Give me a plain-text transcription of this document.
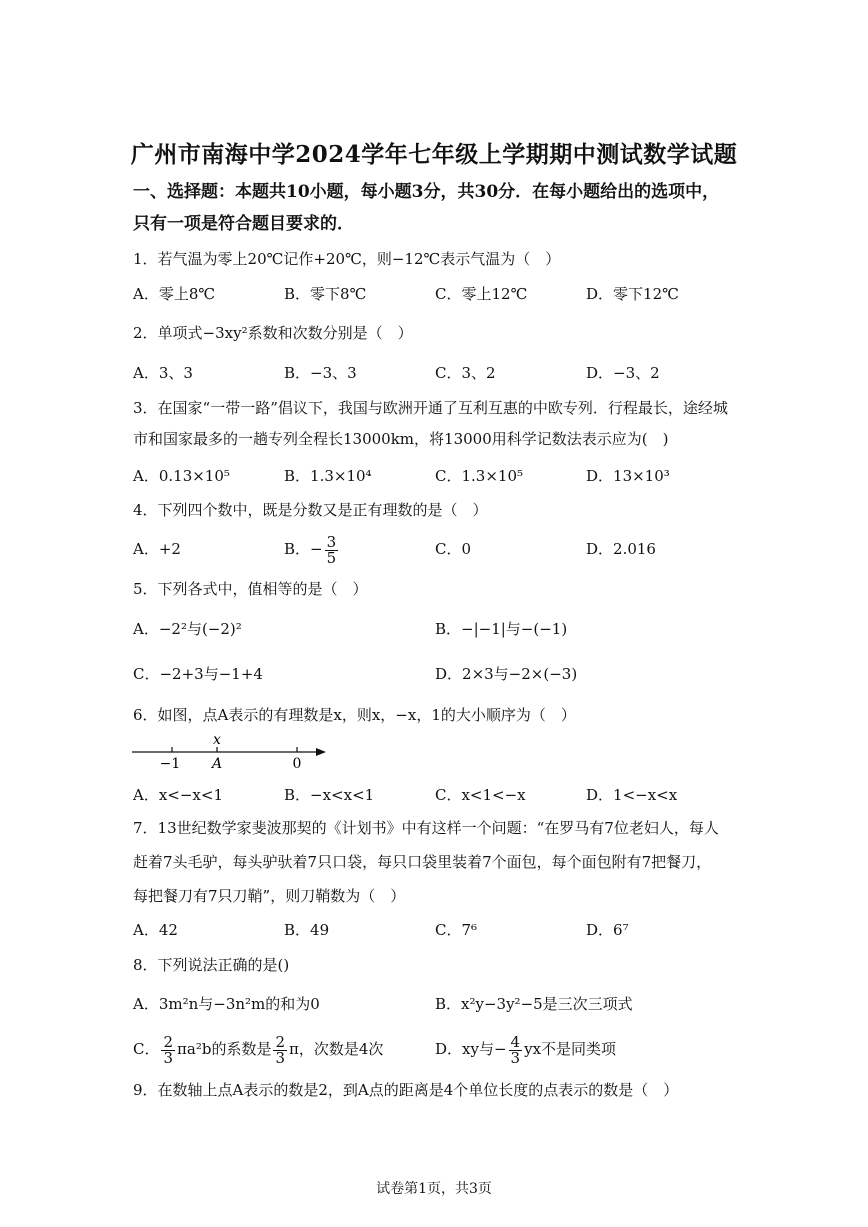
广州市南海中学2024学年七年级上学期期中测试数学试题
一、选择题：本题共10小题，每小题3分，共30分．在每小题给出的选项中，
只有一项是符合题目要求的．
1．若气温为零上20℃记作+20℃，则−12℃表示气温为（　）
A．零上8℃	B．零下8℃	C．零上12℃	D．零下12℃
2．单项式−3xy²系数和次数分别是（　）
A．3、3	B．−3、3	C．3、2	D．−3、2
3．在国家“一带一路”倡议下，我国与欧洲开通了互利互惠的中欧专列．行程最长，途经城
市和国家最多的一趟专列全程长13000km，将13000用科学记数法表示应为(　)
A．0.13×10⁵	B．1.3×10⁴	C．1.3×10⁵	D．13×10³
4．下列四个数中，既是分数又是正有理数的是（　）
A．+2	B．− $\frac{3}{5}$	C．0	D．2.016
5．下列各式中，值相等的是（　）
A．−2²与(−2)²	B．−|−1|与−(−1)
C．−2+3与−1+4	D．2×3与−2×(−3)
6．如图，点A表示的有理数是x，则x，−x，1的大小顺序为（　）
x
−1 A	0
A．x<−x<1	B．−x<x<1	C．x<1<−x	D．1<−x<x
7．13世纪数学家斐波那契的《计划书》中有这样一个问题：“在罗马有7位老妇人，每人
赶着7头毛驴，每头驴驮着7只口袋，每只口袋里装着7个面包，每个面包附有7把餐刀，
每把餐刀有7只刀鞘”，则刀鞘数为（　）
A．42	B．49	C．7⁶	D．6⁷
8．下列说法正确的是()
A．3m²n与−3n²m的和为0	B．x²y−3y²−5是三次三项式
C． $\frac{2}{3} \pi a^2b$的系数是 $\frac{2}{3}$ π，次数是4次	D．xy与− $\frac{4}{3}$ yx不是同类项
9．在数轴上点A表示的数是2，到A点的距离是4个单位长度的点表示的数是（　）
试卷第1页，共3页
